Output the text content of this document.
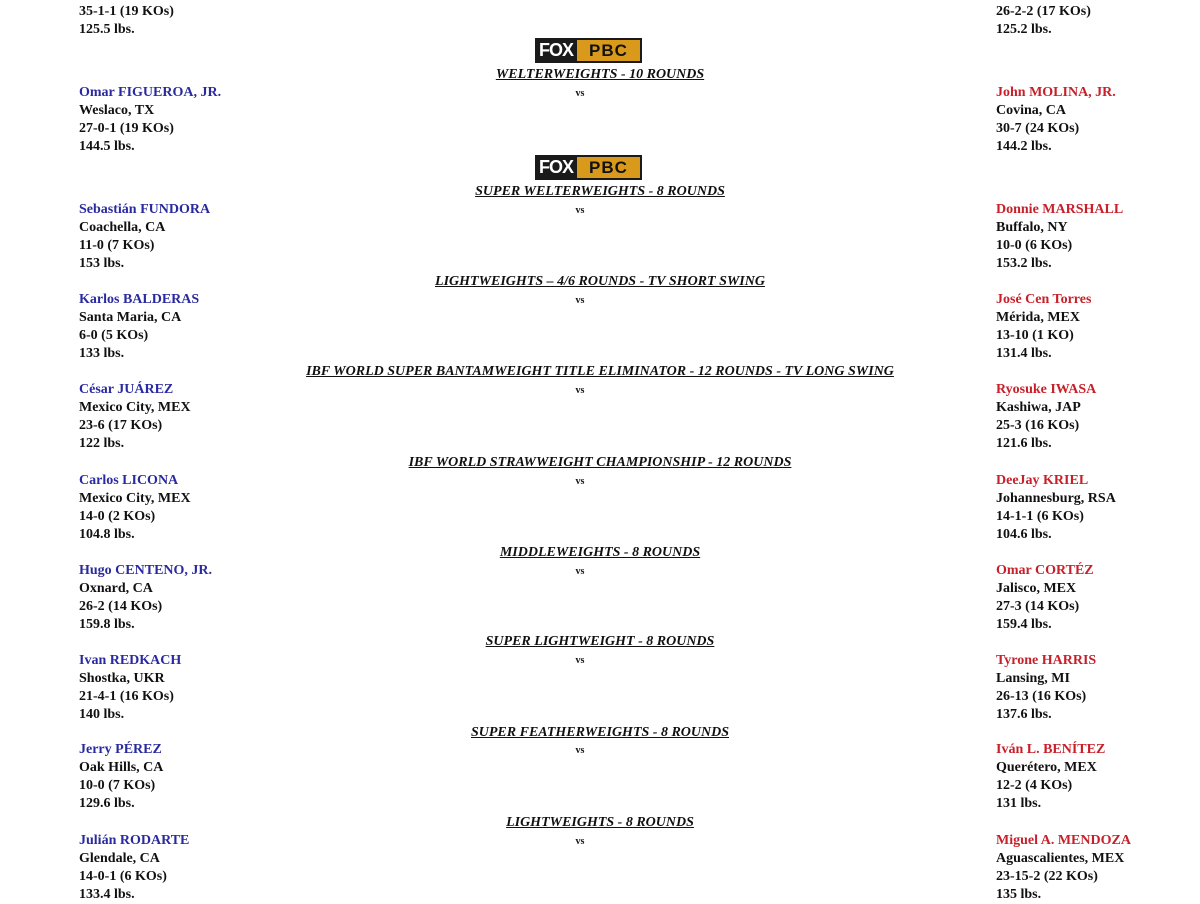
35-1-1 (19 KOs)
125.5 lbs.
26-2-2 (17 KOs)
125.2 lbs.
FOX PBC
WELTERWEIGHTS - 10 ROUNDS
vs
Omar FIGUEROA, JR.
Weslaco, TX
27-0-1 (19 KOs)
144.5 lbs.
John MOLINA, JR.
Covina, CA
30-7 (24 KOs)
144.2 lbs.
FOX PBC
SUPER WELTERWEIGHTS - 8 ROUNDS
vs
Sebastián FUNDORA
Coachella, CA
11-0 (7 KOs)
153 lbs.
Donnie MARSHALL
Buffalo, NY
10-0 (6 KOs)
153.2 lbs.
LIGHTWEIGHTS – 4/6 ROUNDS - TV SHORT SWING
vs
Karlos BALDERAS
Santa Maria, CA
6-0 (5 KOs)
133 lbs.
José Cen Torres
Mérida, MEX
13-10 (1 KO)
131.4 lbs.
IBF WORLD SUPER BANTAMWEIGHT TITLE ELIMINATOR - 12 ROUNDS - TV LONG SWING
vs
César JUÁREZ
Mexico City, MEX
23-6 (17 KOs)
122 lbs.
Ryosuke IWASA
Kashiwa, JAP
25-3 (16 KOs)
121.6 lbs.
IBF WORLD STRAWWEIGHT CHAMPIONSHIP - 12 ROUNDS
vs
Carlos LICONA
Mexico City, MEX
14-0 (2 KOs)
104.8 lbs.
DeeJay KRIEL
Johannesburg, RSA
14-1-1 (6 KOs)
104.6 lbs.
MIDDLEWEIGHTS - 8 ROUNDS
vs
Hugo CENTENO, JR.
Oxnard, CA
26-2 (14 KOs)
159.8 lbs.
Omar CORTÉZ
Jalisco, MEX
27-3 (14 KOs)
159.4 lbs.
SUPER LIGHTWEIGHT - 8 ROUNDS
vs
Ivan REDKACH
Shostka, UKR
21-4-1 (16 KOs)
140 lbs.
Tyrone HARRIS
Lansing, MI
26-13 (16 KOs)
137.6 lbs.
SUPER FEATHERWEIGHTS - 8 ROUNDS
vs
Jerry PÉREZ
Oak Hills, CA
10-0 (7 KOs)
129.6 lbs.
Iván L. BENÍTEZ
Querétero, MEX
12-2 (4 KOs)
131 lbs.
LIGHTWEIGHTS - 8 ROUNDS
vs
Julián RODARTE
Glendale, CA
14-0-1 (6 KOs)
133.4 lbs.
Miguel A. MENDOZA
Aguascalientes, MEX
23-15-2 (22 KOs)
135 lbs.
